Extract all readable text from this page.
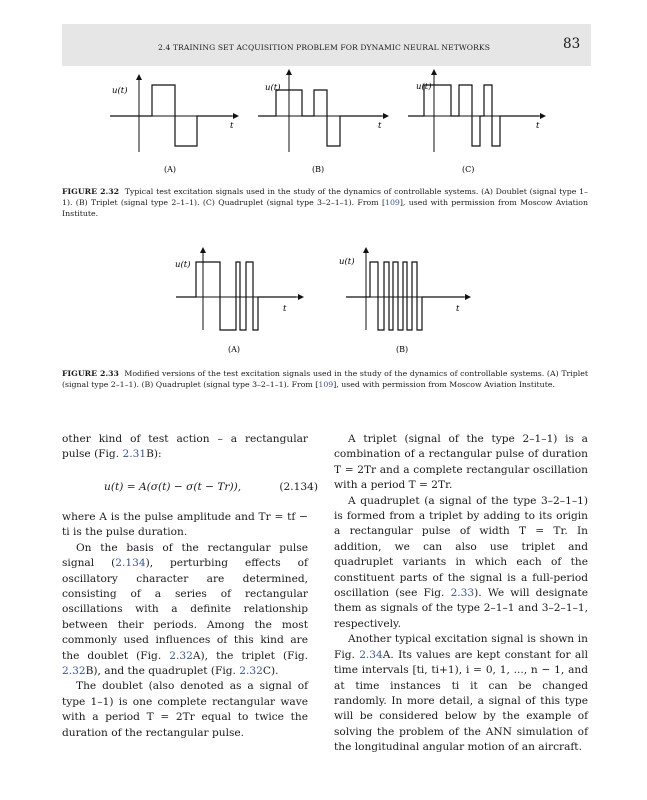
2.4 TRAINING SET ACQUISITION PROBLEM FOR DYNAMIC NEURAL NETWORKS	83
u(t)
t
(A)
u(t)
t
(B)
u(t)
t
(C)
FIGURE 2.32 Typical test excitation signals used in the study of the dynamics of controllable systems. (A) Doublet (signal type 1–1). (B) Triplet (signal type 2–1–1). (C) Quadruplet (signal type 3–2–1–1). From [109], used with permission from Moscow Aviation Institute.
u(t)
t
(A)
u(t)
t
(B)
FIGURE 2.33 Modified versions of the test excitation signals used in the study of the dynamics of controllable systems. (A) Triplet (signal type 2–1–1). (B) Quadruplet (signal type 3–2–1–1). From [109], used with permission from Moscow Aviation Institute.

other kind of test action – a rectangular pulse (Fig. 2.31B):

u(t) = A(σ(t) − σ(t − Tr)),	(2.134)

where A is the pulse amplitude and Tr = tf − ti is the pulse duration.

On the basis of the rectangular pulse signal (2.134), perturbing effects of oscillatory character are determined, consisting of a series of rectangular oscillations with a definite relationship between their periods. Among the most commonly used influences of this kind are the doublet (Fig. 2.32A), the triplet (Fig. 2.32B), and the quadruplet (Fig. 2.32C).

The doublet (also denoted as a signal of type 1–1) is one complete rectangular wave with a period T = 2Tr equal to twice the duration of the rectangular pulse.

A triplet (signal of the type 2–1–1) is a combination of a rectangular pulse of duration T = 2Tr and a complete rectangular oscillation with a period T = 2Tr.

A quadruplet (a signal of the type 3–2–1–1) is formed from a triplet by adding to its origin a rectangular pulse of width T = Tr. In addition, we can also use triplet and quadruplet variants in which each of the constituent parts of the signal is a full-period oscillation (see Fig. 2.33). We will designate them as signals of the type 2–1–1 and 3–2–1–1, respectively.

Another typical excitation signal is shown in Fig. 2.34A. Its values are kept constant for all time intervals [ti, ti+1), i = 0, 1, ..., n − 1, and at time instances ti it can be changed randomly. In more detail, a signal of this type will be considered below by the example of solving the problem of the ANN simulation of the longitudinal angular motion of an aircraft.
